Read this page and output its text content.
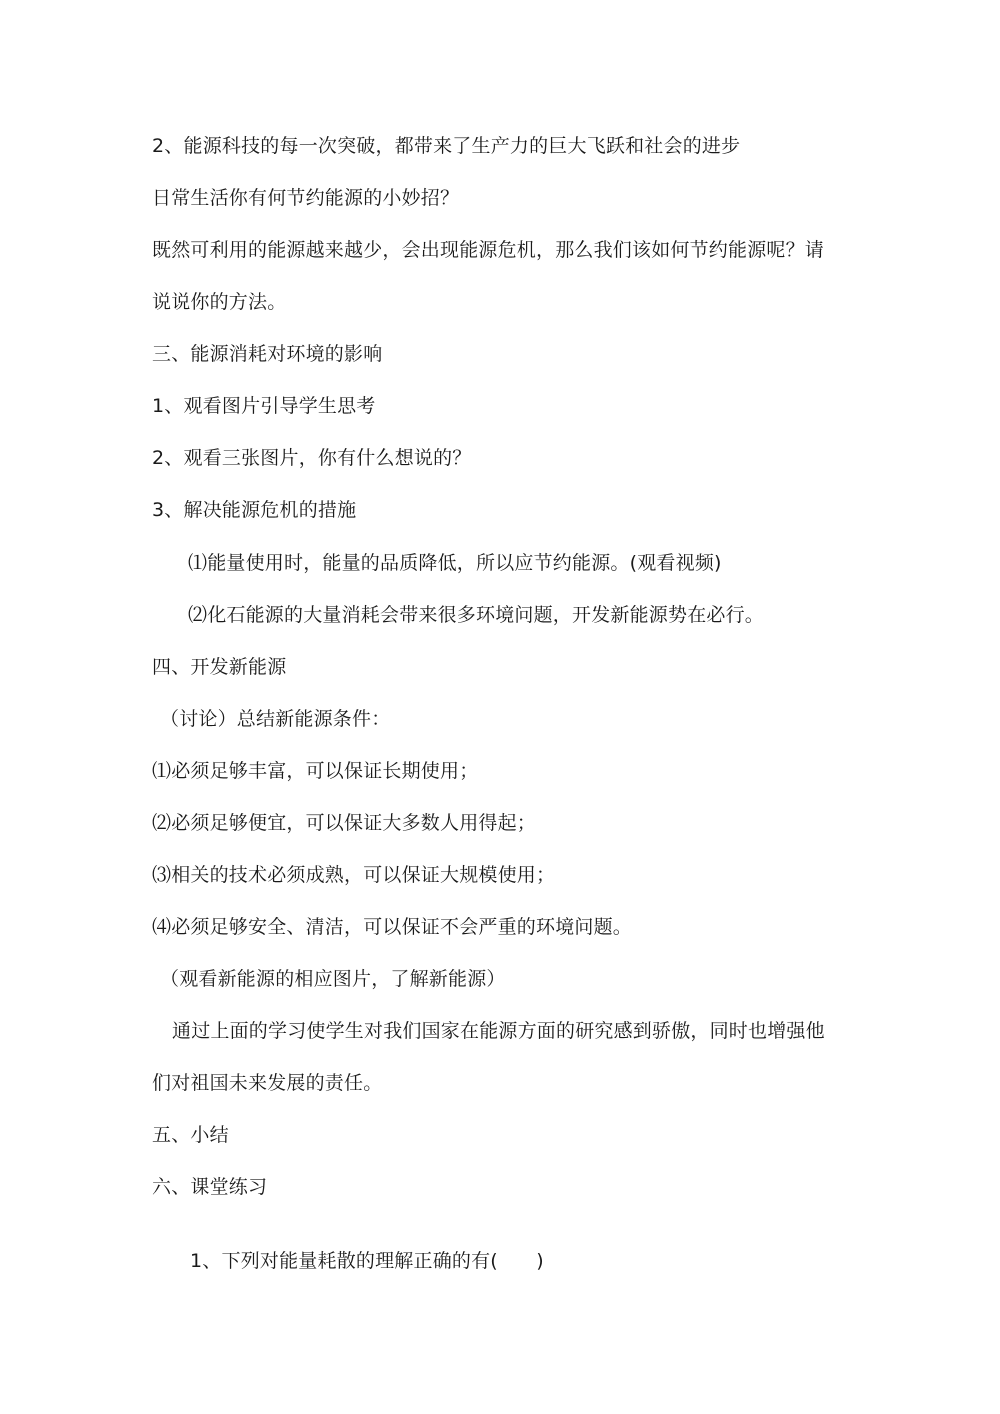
2、能源科技的每一次突破，都带来了生产力的巨大飞跃和社会的进步
日常生活你有何节约能源的小妙招？
既然可利用的能源越来越少，会出现能源危机，那么我们该如何节约能源呢？请
说说你的方法。
三、能源消耗对环境的影响
1、观看图片引导学生思考
2、观看三张图片，你有什么想说的？
3、解决能源危机的措施
⑴能量使用时，能量的品质降低，所以应节约能源。(观看视频)
⑵化石能源的大量消耗会带来很多环境问题，开发新能源势在必行。
四、开发新能源
（讨论）总结新能源条件：
⑴必须足够丰富，可以保证长期使用；
⑵必须足够便宜，可以保证大多数人用得起；
⑶相关的技术必须成熟，可以保证大规模使用；
⑷必须足够安全、清洁，可以保证不会严重的环境问题。
（观看新能源的相应图片，了解新能源）
通过上面的学习使学生对我们国家在能源方面的研究感到骄傲，同时也增强他
们对祖国未来发展的责任。
五、小结
六、课堂练习
1、下列对能量耗散的理解正确的有(　　)
